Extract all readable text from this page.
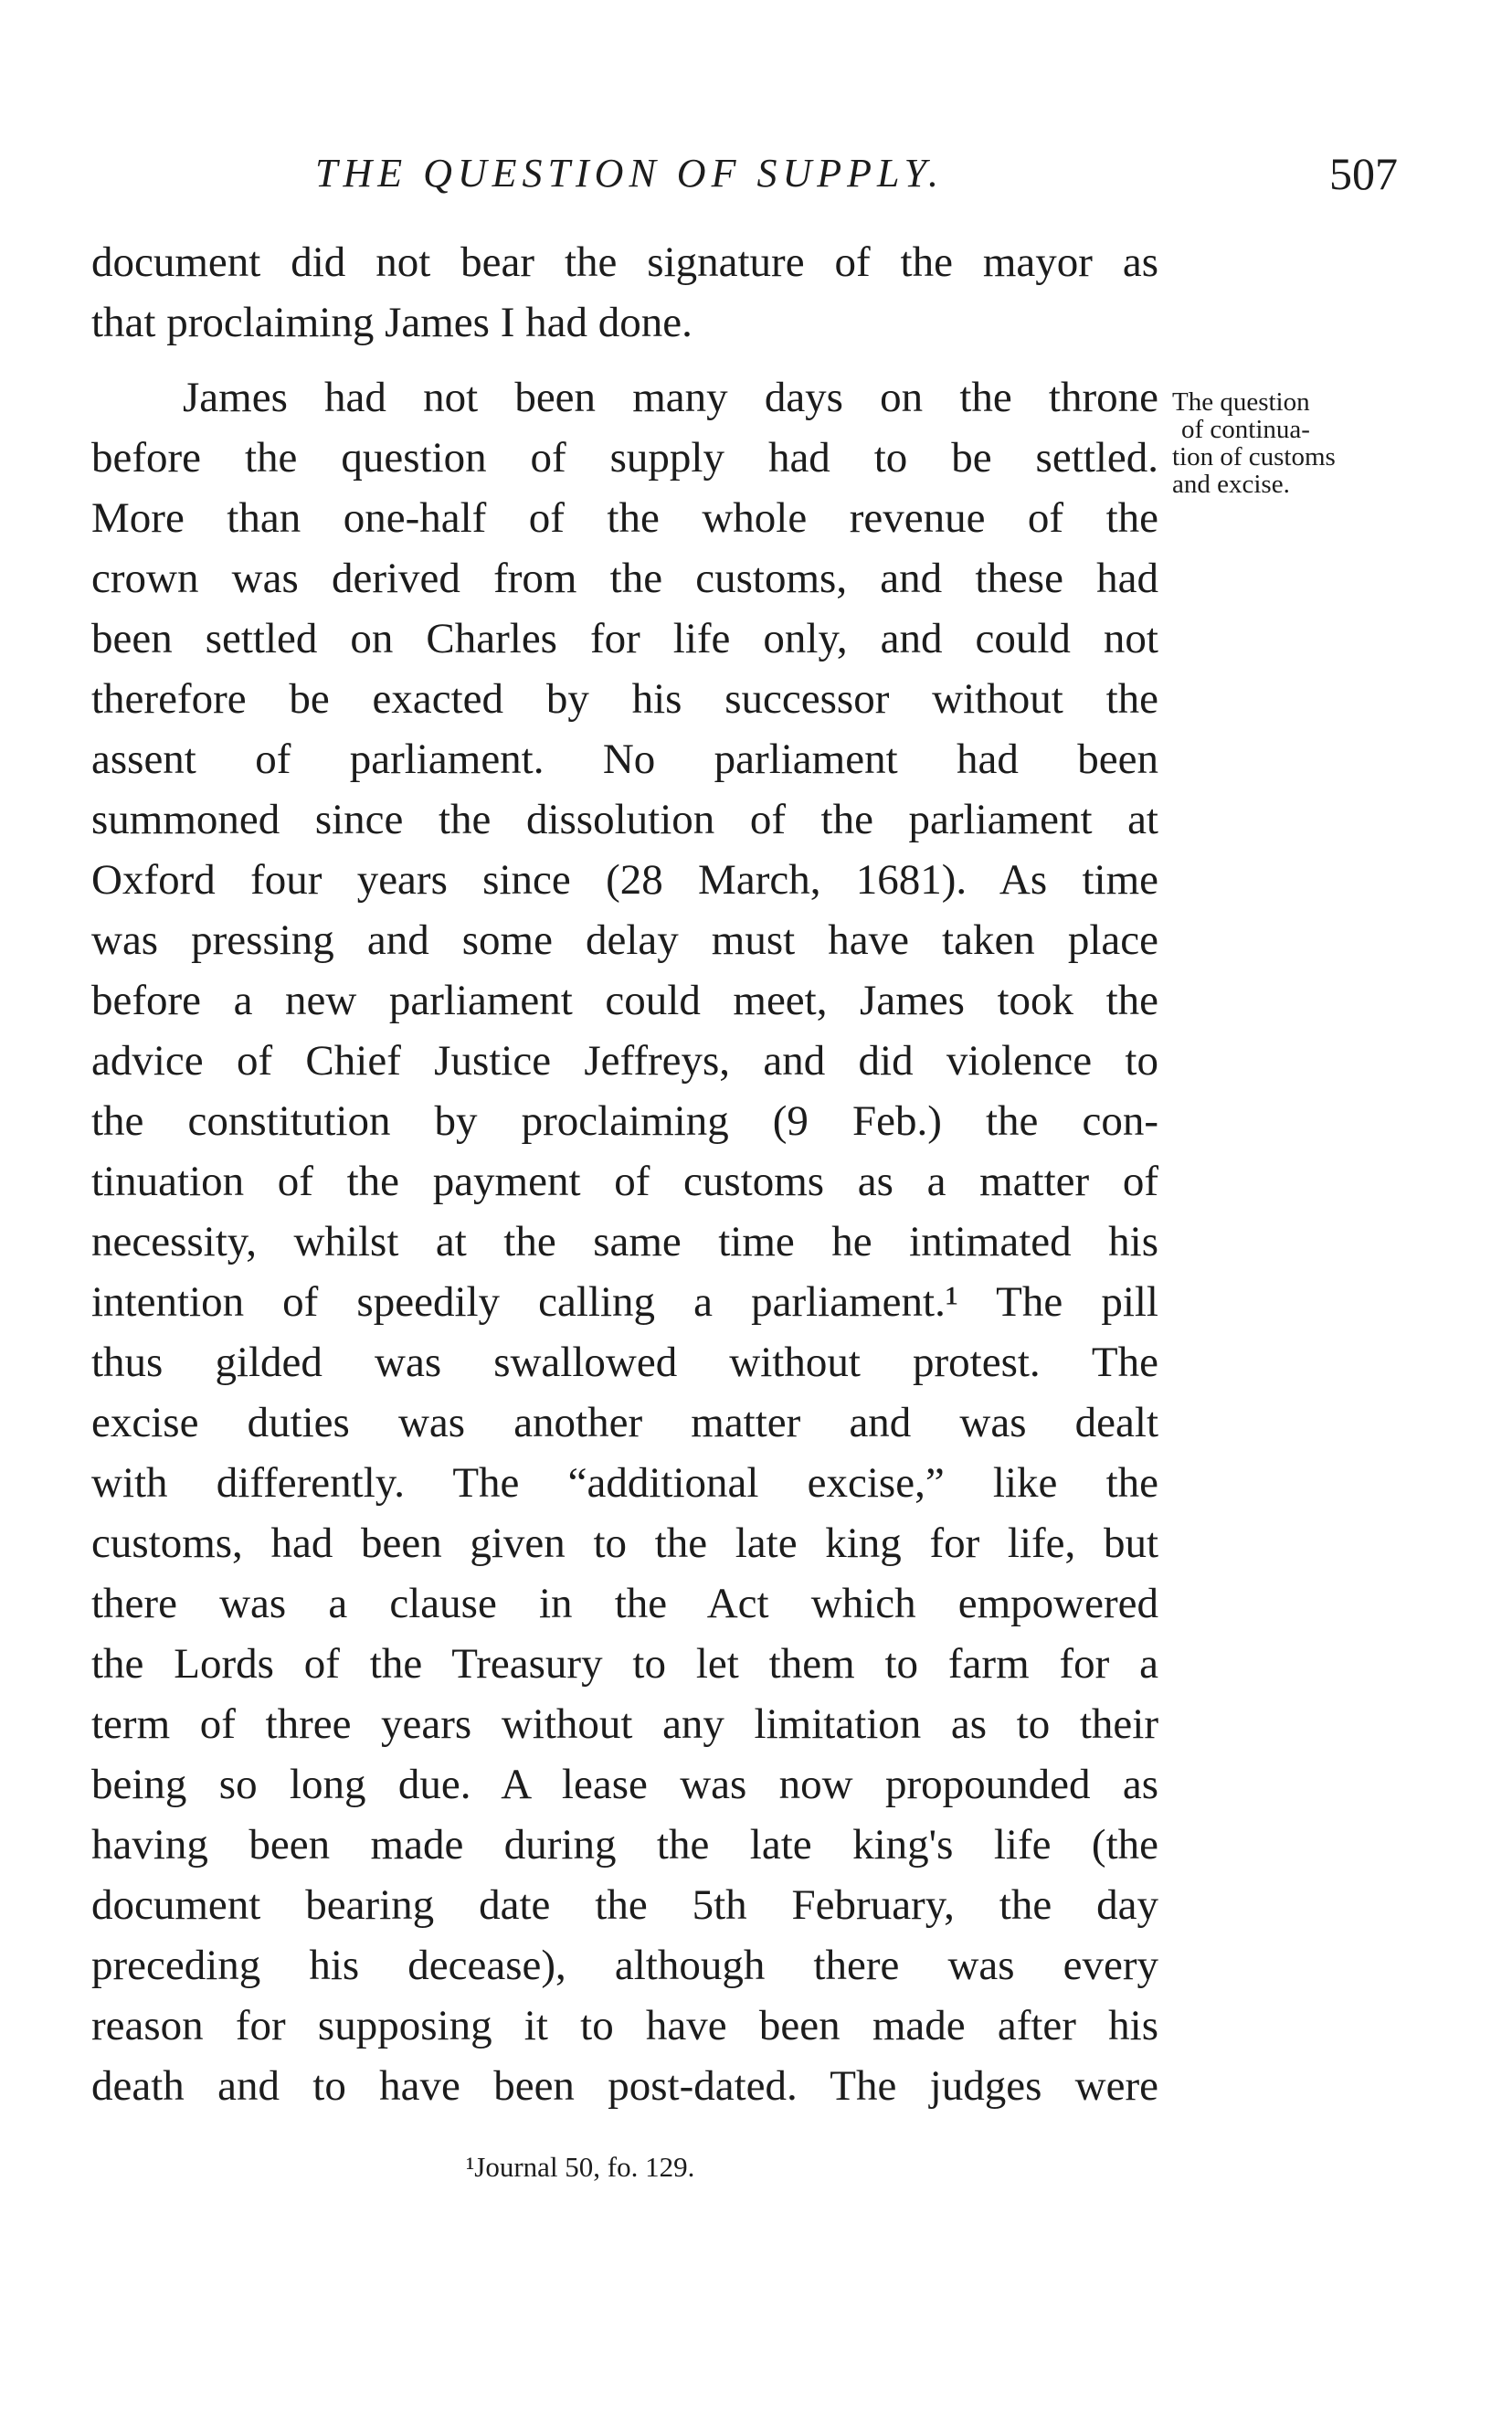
THE QUESTION OF SUPPLY.	507
document did not bear the signature of the mayor as
that proclaiming James I had done.
James had not been many days on the throne
before the question of supply had to be settled.
More than one-half of the whole revenue of the
crown was derived from the customs, and these had
been settled on Charles for life only, and could not
therefore be exacted by his successor without the
assent of parliament. No parliament had been
summoned since the dissolution of the parliament at
Oxford four years since (28 March, 1681). As time
was pressing and some delay must have taken place
before a new parliament could meet, James took the
advice of Chief Justice Jeffreys, and did violence to
the constitution by proclaiming (9 Feb.) the con-
tinuation of the payment of customs as a matter of
necessity, whilst at the same time he intimated his
intention of speedily calling a parliament.¹ The pill
thus gilded was swallowed without protest. The
excise duties was another matter and was dealt
with differently. The “additional excise,” like the
customs, had been given to the late king for life, but
there was a clause in the Act which empowered
the Lords of the Treasury to let them to farm for a
term of three years without any limitation as to their
being so long due. A lease was now propounded as
having been made during the late king's life (the
document bearing date the 5th February, the day
preceding his decease), although there was every
reason for supposing it to have been made after his
death and to have been post-dated. The judges were
The question
of continua-
tion of customs
and excise.
¹Journal 50, fo. 129.
